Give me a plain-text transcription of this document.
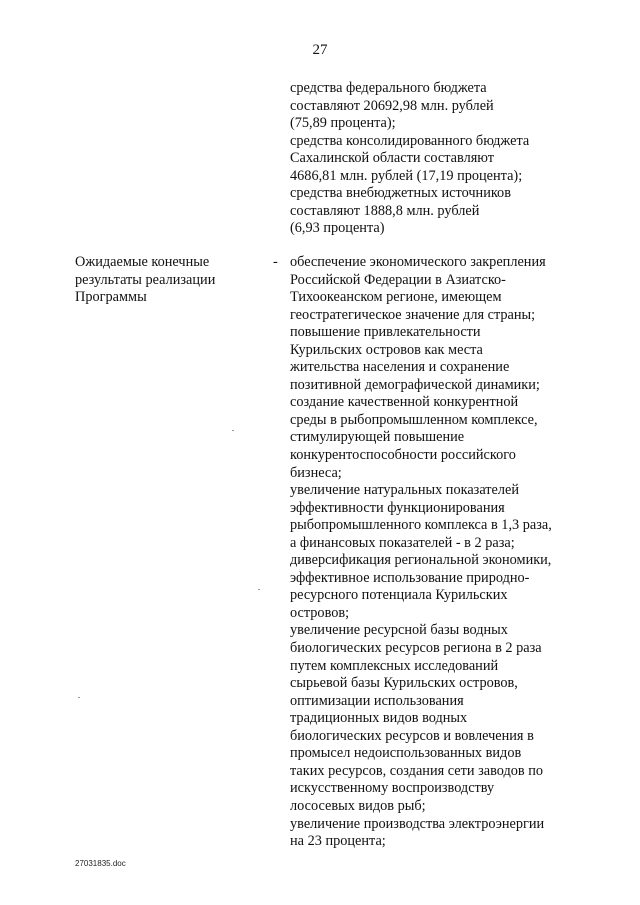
27
средства федерального бюджета
составляют 20692,98 млн. рублей
(75,89 процента);
средства консолидированного бюджета
Сахалинской области составляют
4686,81 млн. рублей (17,19 процента);
средства внебюджетных источников
составляют 1888,8 млн. рублей
(6,93 процента)
Ожидаемые конечные
результаты реализации
Программы
- обеспечение экономического закрепления
Российской Федерации в Азиатско-
Тихоокеанском регионе, имеющем
геостратегическое значение для страны;
повышение привлекательности
Курильских островов как места
жительства населения и сохранение
позитивной демографической динамики;
создание качественной конкурентной
среды в рыбопромышленном комплексе,
стимулирующей повышение
конкурентоспособности российского
бизнеса;
увеличение натуральных показателей
эффективности функционирования
рыбопромышленного комплекса в 1,3 раза,
а финансовых показателей - в 2 раза;
диверсификация региональной экономики,
эффективное использование природно-
ресурсного потенциала Курильских
островов;
увеличение ресурсной базы водных
биологических ресурсов региона в 2 раза
путем комплексных исследований
сырьевой базы Курильских островов,
оптимизации использования
традиционных видов водных
биологических ресурсов и вовлечения в
промысел недоиспользованных видов
таких ресурсов, создания сети заводов по
искусственному воспроизводству
лососевых видов рыб;
увеличение производства электроэнергии
на 23 процента;
27031835.doc
